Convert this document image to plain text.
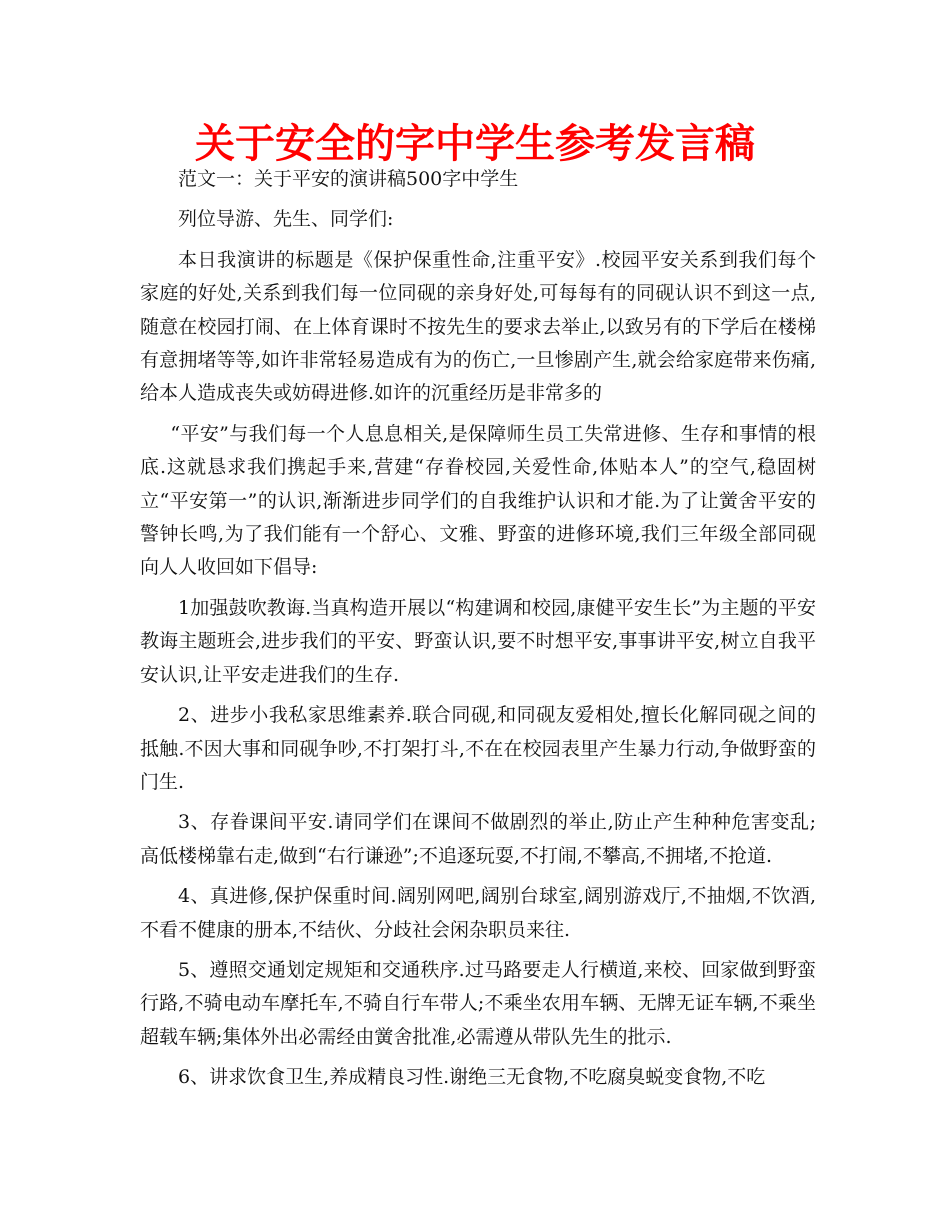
关于安全的字中学生参考发言稿

范文一：关于平安的演讲稿500字中学生

列位导游、先生、同学们:

本日我演讲的标题是《保护保重性命,注重平安》.校园平安关系到我们每个家庭的好处,关系到我们每一位同砚的亲身好处,可每每有的同砚认识不到这一点,随意在校园打闹、在上体育课时不按先生的要求去举止,以致另有的下学后在楼梯有意拥堵等等,如许非常轻易造成有为的伤亡,一旦惨剧产生,就会给家庭带来伤痛,给本人造成丧失或妨碍进修.如许的沉重经历是非常多的

“平安”与我们每一个人息息相关,是保障师生员工失常进修、生存和事情的根底.这就恳求我们携起手来,营建“存眷校园,关爱性命,体贴本人”的空气,稳固树立“平安第一”的认识,渐渐进步同学们的自我维护认识和才能.为了让黉舍平安的警钟长鸣,为了我们能有一个舒心、文雅、野蛮的进修环境,我们三年级全部同砚向人人收回如下倡导:

1加强鼓吹教诲.当真构造开展以“构建调和校园,康健平安生长”为主题的平安教诲主题班会,进步我们的平安、野蛮认识,要不时想平安,事事讲平安,树立自我平安认识,让平安走进我们的生存.

2、进步小我私家思维素养.联合同砚,和同砚友爱相处,擅长化解同砚之间的抵触.不因大事和同砚争吵,不打架打斗,不在在校园表里产生暴力行动,争做野蛮的门生.

3、存眷课间平安.请同学们在课间不做剧烈的举止,防止产生种种危害变乱;高低楼梯靠右走,做到“右行谦逊”;不追逐玩耍,不打闹,不攀高,不拥堵,不抢道.

4、真进修,保护保重时间.阔别网吧,阔别台球室,阔别游戏厅,不抽烟,不饮酒,不看不健康的册本,不结伙、分歧社会闲杂职员来往.

5、遵照交通划定规矩和交通秩序.过马路要走人行横道,来校、回家做到野蛮行路,不骑电动车摩托车,不骑自行车带人;不乘坐农用车辆、无牌无证车辆,不乘坐超载车辆;集体外出必需经由黉舍批准,必需遵从带队先生的批示.

6、讲求饮食卫生,养成精良习性.谢绝三无食物,不吃腐臭蜕变食物,不吃
